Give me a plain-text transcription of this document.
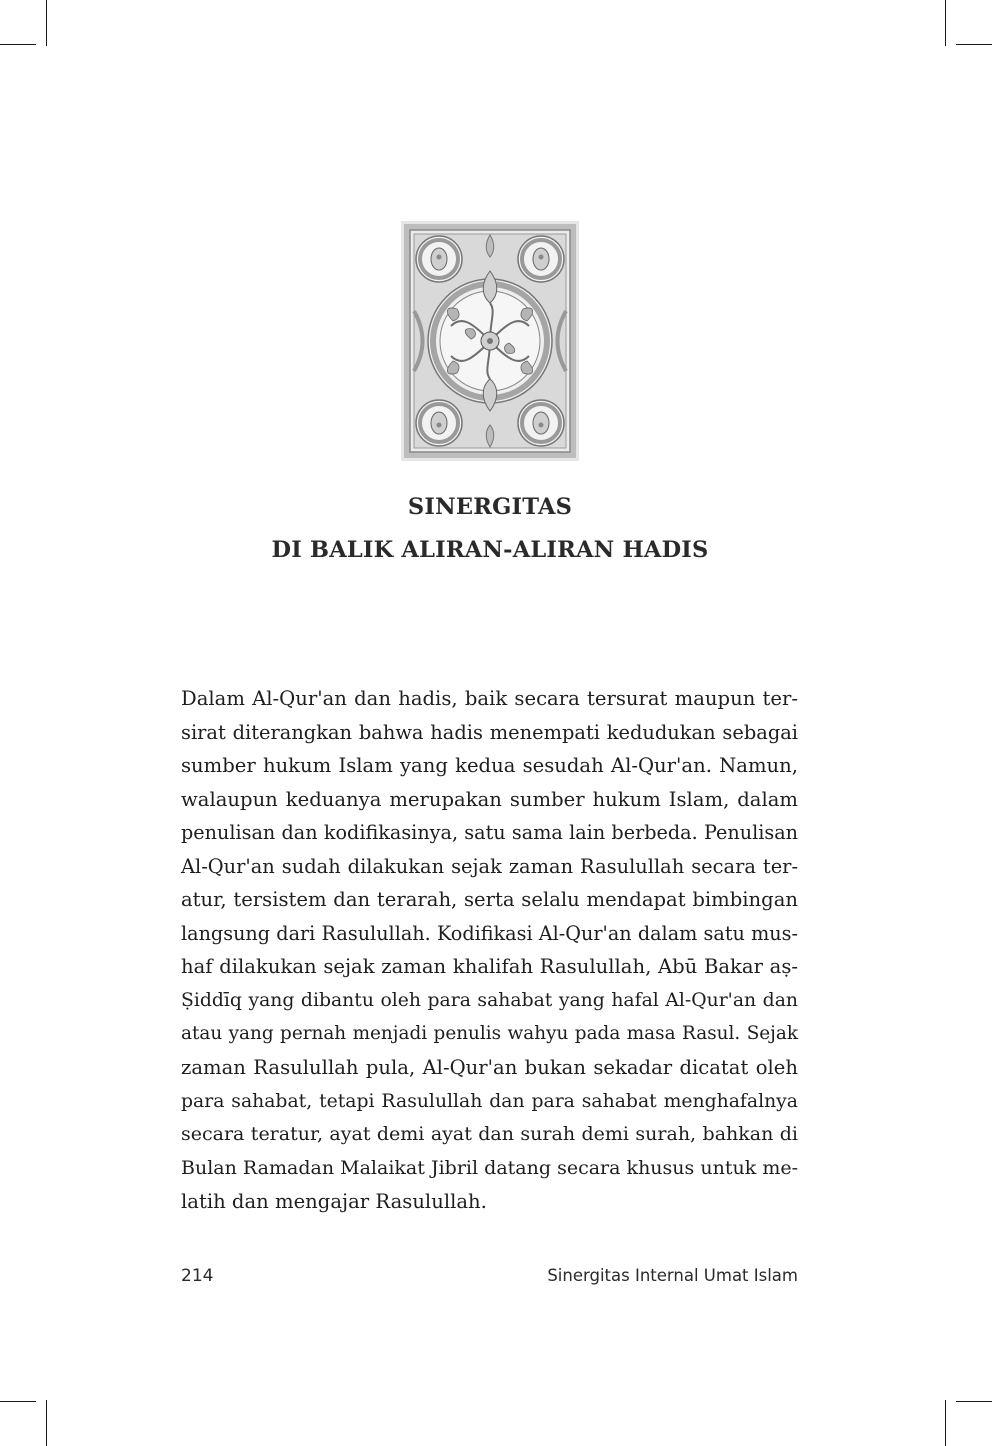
SINERGITAS
DI BALIK ALIRAN-ALIRAN HADIS
Dalam Al-Qur'an dan hadis, baik secara tersurat maupun ter-
sirat diterangkan bahwa hadis menempati kedudukan sebagai
sumber hukum Islam yang kedua sesudah Al-Qur'an. Namun,
walaupun keduanya merupakan sumber hukum Islam, dalam
penulisan dan kodifikasinya, satu sama lain berbeda. Penulisan
Al-Qur'an sudah dilakukan sejak zaman Rasulullah secara ter-
atur, tersistem dan terarah, serta selalu mendapat bimbingan
langsung dari Rasulullah. Kodifikasi Al-Qur'an dalam satu mus-
haf dilakukan sejak zaman khalifah Rasulullah, Abū Bakar aṣ-
Ṣiddīq yang dibantu oleh para sahabat yang hafal Al-Qur'an dan
atau yang pernah menjadi penulis wahyu pada masa Rasul. Sejak
zaman Rasulullah pula, Al-Qur'an bukan sekadar dicatat oleh
para sahabat, tetapi Rasulullah dan para sahabat menghafalnya
secara teratur, ayat demi ayat dan surah demi surah, bahkan di
Bulan Ramadan Malaikat Jibril datang secara khusus untuk me-
latih dan mengajar Rasulullah.
214	Sinergitas Internal Umat Islam
